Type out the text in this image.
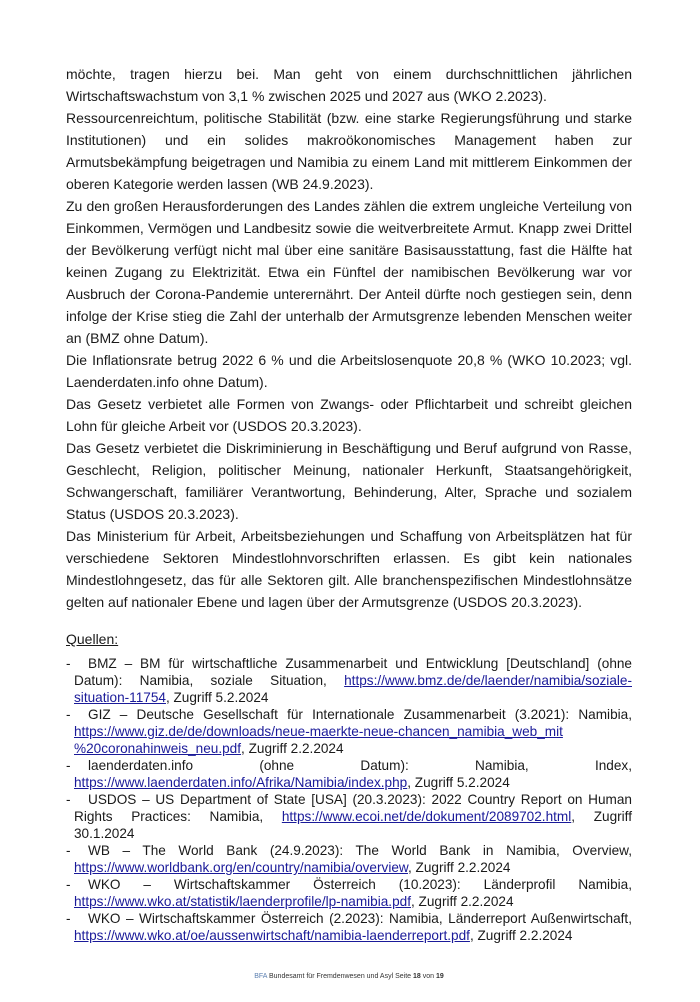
möchte, tragen hierzu bei. Man geht von einem durchschnittlichen jährlichen Wirtschaftswachstum von 3,1 % zwischen 2025 und 2027 aus (WKO 2.2023).

Ressourcenreichtum, politische Stabilität (bzw. eine starke Regierungsführung und starke Institutionen) und ein solides makroökonomisches Management haben zur Armutsbekämpfung beigetragen und Namibia zu einem Land mit mittlerem Einkommen der oberen Kategorie werden lassen (WB 24.9.2023).

Zu den großen Herausforderungen des Landes zählen die extrem ungleiche Verteilung von Einkommen, Vermögen und Landbesitz sowie die weitverbreitete Armut. Knapp zwei Drittel der Bevölkerung verfügt nicht mal über eine sanitäre Basisausstattung, fast die Hälfte hat keinen Zugang zu Elektrizität. Etwa ein Fünftel der namibischen Bevölkerung war vor Ausbruch der Corona-Pandemie unterernährt. Der Anteil dürfte noch gestiegen sein, denn infolge der Krise stieg die Zahl der unterhalb der Armutsgrenze lebenden Menschen weiter an (BMZ ohne Datum).

Die Inflationsrate betrug 2022 6 % und die Arbeitslosenquote 20,8 % (WKO 10.2023; vgl. Laenderdaten.info ohne Datum).

Das Gesetz verbietet alle Formen von Zwangs- oder Pflichtarbeit und schreibt gleichen Lohn für gleiche Arbeit vor (USDOS 20.3.2023).

Das Gesetz verbietet die Diskriminierung in Beschäftigung und Beruf aufgrund von Rasse, Geschlecht, Religion, politischer Meinung, nationaler Herkunft, Staatsangehörigkeit, Schwangerschaft, familiärer Verantwortung, Behinderung, Alter, Sprache und sozialem Status (USDOS 20.3.2023).

Das Ministerium für Arbeit, Arbeitsbeziehungen und Schaffung von Arbeitsplätzen hat für verschiedene Sektoren Mindestlohnvorschriften erlassen. Es gibt kein nationales Mindestlohngesetz, das für alle Sektoren gilt. Alle branchenspezifischen Mindestlohnsätze gelten auf nationaler Ebene und lagen über der Armutsgrenze (USDOS 20.3.2023).

Quellen:
- BMZ – BM für wirtschaftliche Zusammenarbeit und Entwicklung [Deutschland] (ohne Datum): Namibia, soziale Situation, https://www.bmz.de/de/laender/namibia/soziale-situation-11754, Zugriff 5.2.2024
- GIZ – Deutsche Gesellschaft für Internationale Zusammenarbeit (3.2021): Namibia, https://www.giz.de/de/downloads/neue-maerkte-neue-chancen_namibia_web_mit %20coronahinweis_neu.pdf, Zugriff 2.2.2024
- laenderdaten.info (ohne Datum): Namibia, Index, https://www.laenderdaten.info/Afrika/Namibia/index.php, Zugriff 5.2.2024
- USDOS – US Department of State [USA] (20.3.2023): 2022 Country Report on Human Rights Practices: Namibia, https://www.ecoi.net/de/dokument/2089702.html, Zugriff 30.1.2024
- WB – The World Bank (24.9.2023): The World Bank in Namibia, Overview, https://www.worldbank.org/en/country/namibia/overview, Zugriff 2.2.2024
- WKO – Wirtschaftskammer Österreich (10.2023): Länderprofil Namibia, https://www.wko.at/statistik/laenderprofile/lp-namibia.pdf, Zugriff 2.2.2024
- WKO – Wirtschaftskammer Österreich (2.2023): Namibia, Länderreport Außenwirtschaft, https://www.wko.at/oe/aussenwirtschaft/namibia-laenderreport.pdf, Zugriff 2.2.2024
BFA Bundesamt für Fremdenwesen und Asyl Seite 18 von 19
